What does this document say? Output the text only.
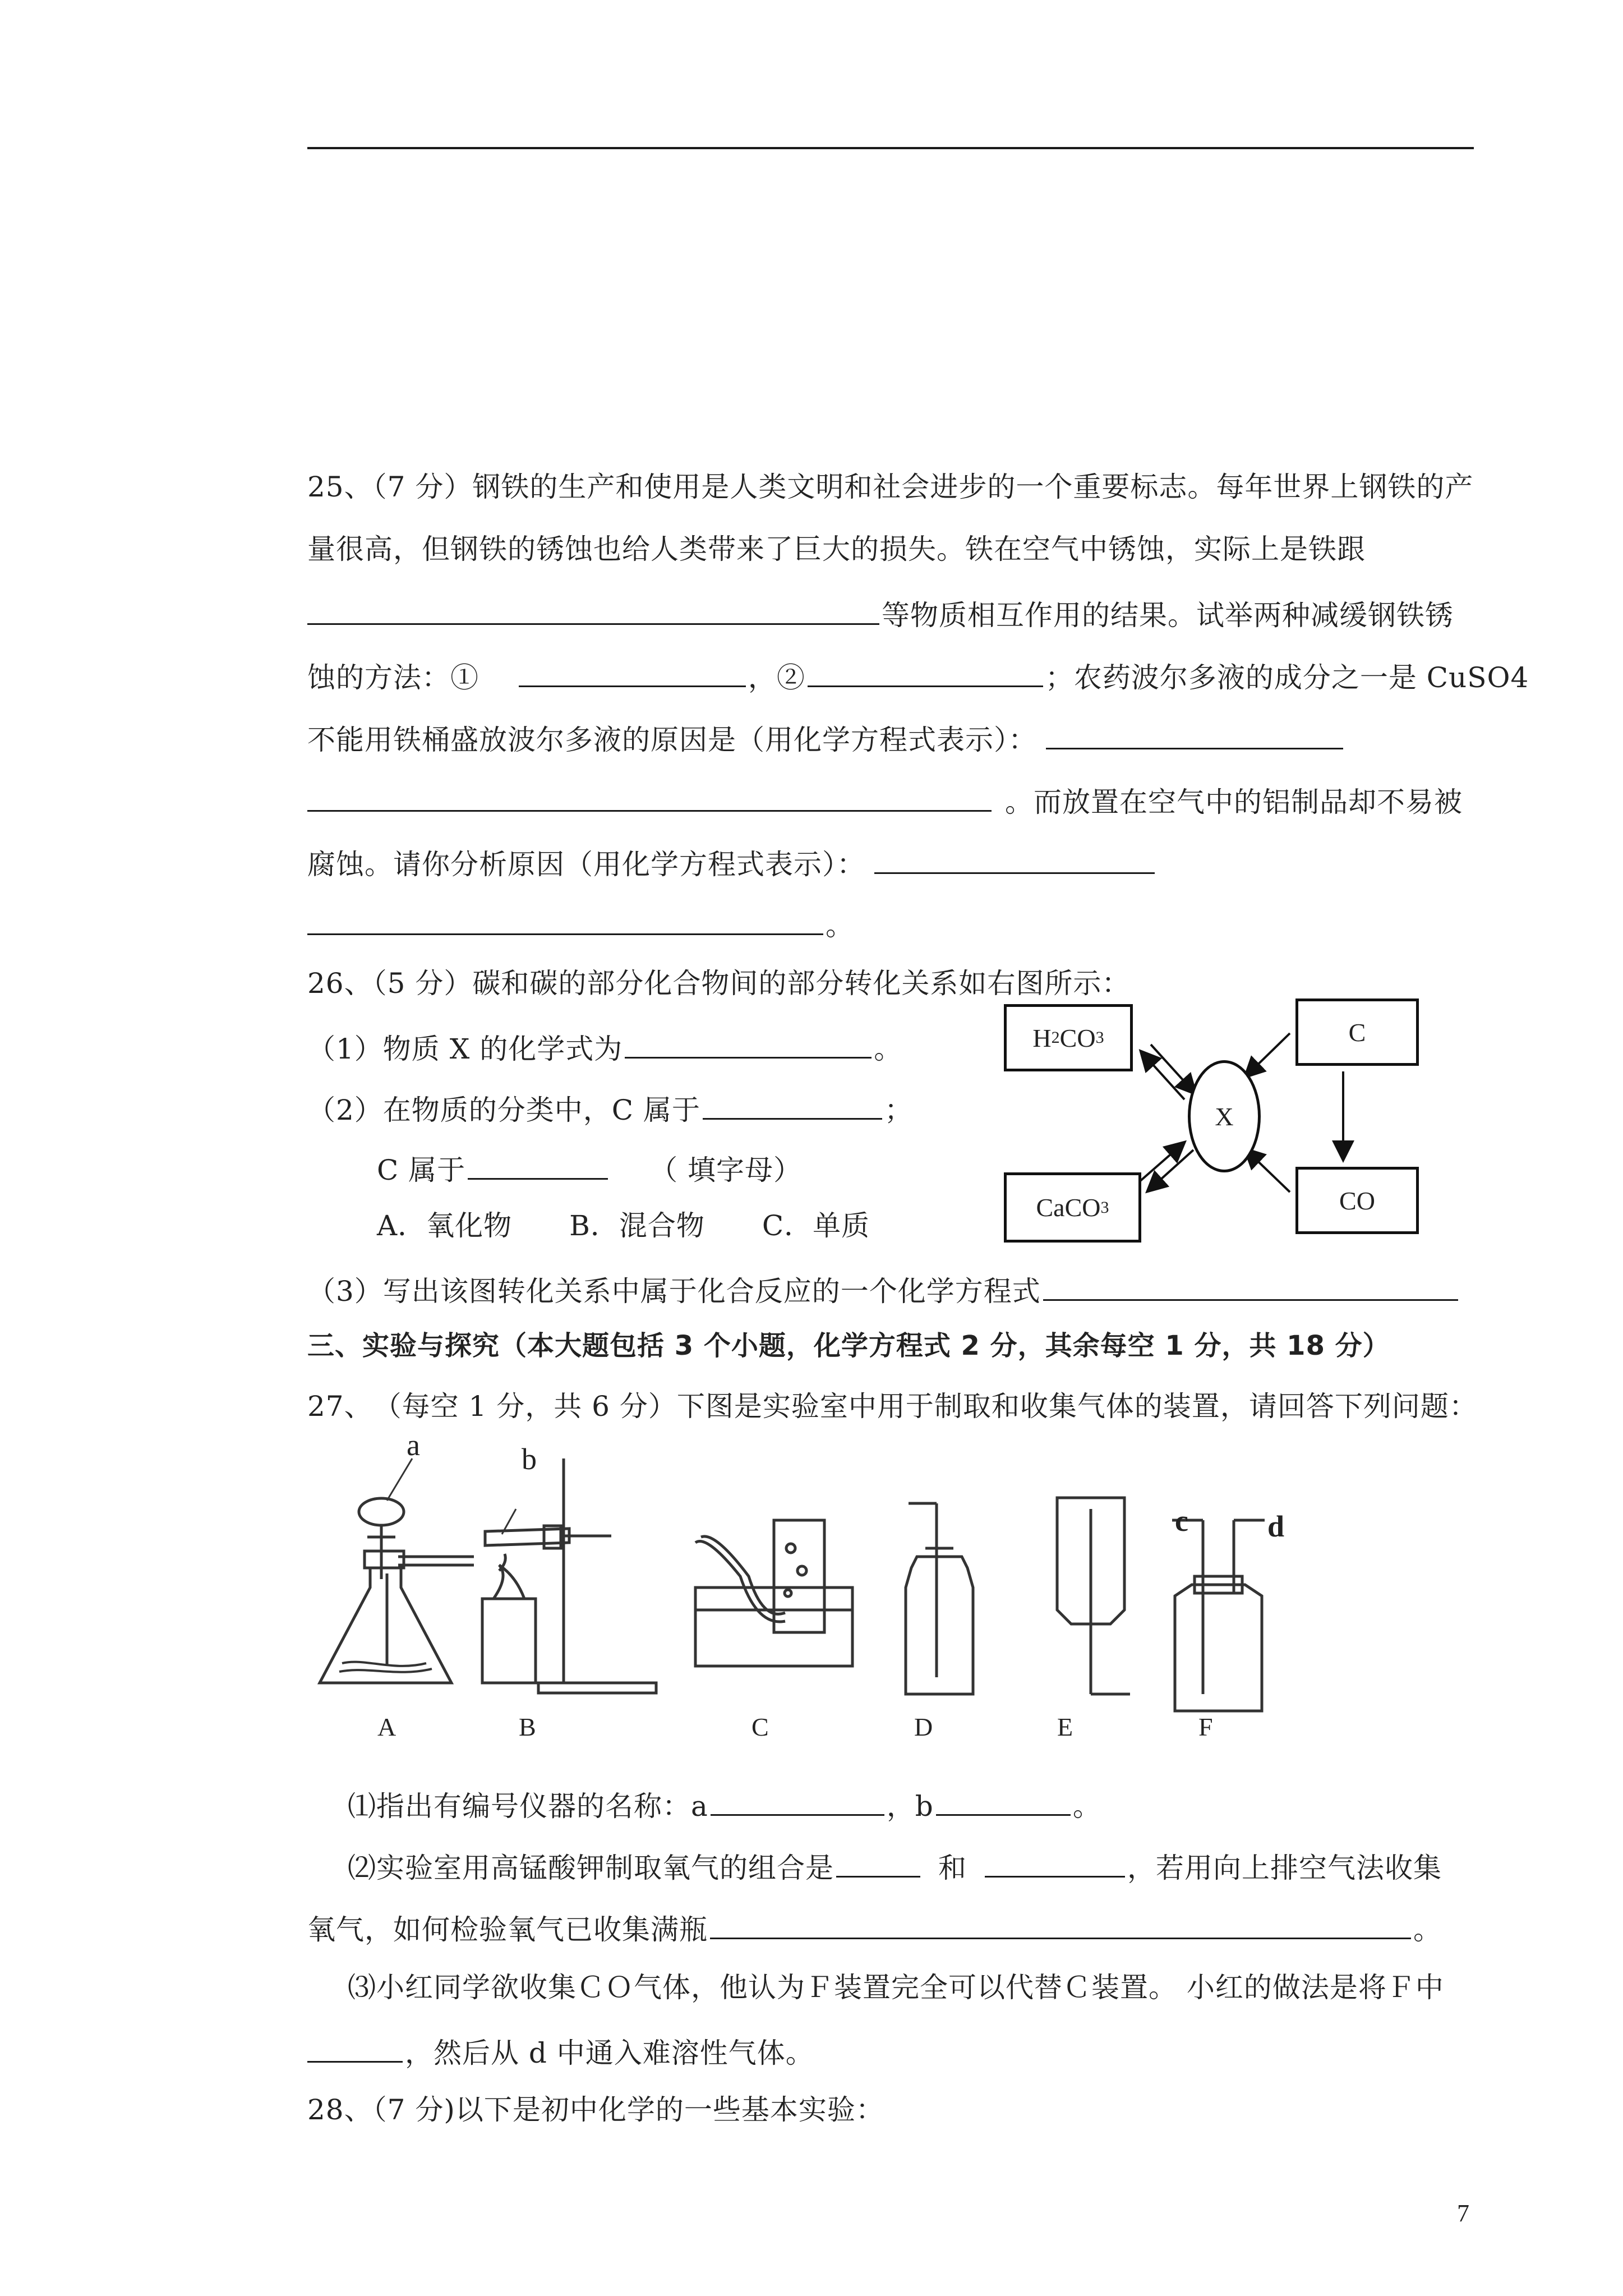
25、（7 分）钢铁的生产和使用是人类文明和社会进步的一个重要标志。每年世界上钢铁的产
量很高，但钢铁的锈蚀也给人类带来了巨大的损失。铁在空气中锈蚀，实际上是铁跟
等物质相互作用的结果。试举两种减缓钢铁锈
蚀的方法：①	，②	；农药波尔多液的成分之一是 CuSO4
不能用铁桶盛放波尔多液的原因是（用化学方程式表示）：
。而放置在空气中的铝制品却不易被
腐蚀。请你分析原因（用化学方程式表示）：
。
26、（5 分）碳和碳的部分化合物间的部分转化关系如右图所示：
（1）物质 X 的化学式为	。
（2）在物质的分类中，C 属于	；
C 属于	（ 填字母）
A．氧化物　　B．混合物　　C．单质
（3）写出该图转化关系中属于化合反应的一个化学方程式
H 2 CO 3	C
X
CaCO 3	CO
三、实验与探究（本大题包括 3 个小题，化学方程式 2 分，其余每空 1 分，共 18 分）
27、　（每空 1 分，共 6 分）下图是实验室中用于制取和收集气体的装置，请回答下列问题：
a	b
c	d
A	B	C	D	E	F
⑴指出有编号仪器的名称：a	，b	。
⑵实验室用高锰酸钾制取氧气的组合是	和	，若用向上排空气法收集
氧气，如何检验氧气已收集满瓶	。
⑶小红同学欲收集ＣＯ气体，他认为Ｆ装置完全可以代替Ｃ装置。 小红的做法是将Ｆ中
，然后从 d 中通入难溶性气体。
28、（7 分)以下是初中化学的一些基本实验：
7
